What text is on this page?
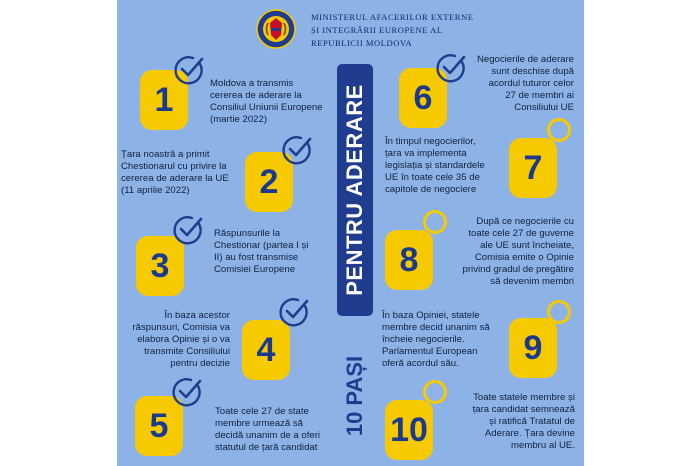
MINISTERUL AFACERILOR EXTERNE
ȘI INTEGRĂRII EUROPENE AL
REPUBLICII MOLDOVA
PENTRU ADERARE
10 PAȘI
1	Moldova a transmis
cererea de aderare la
Consiliul Uniunii Europene
(martie 2022)
2
Țara noastră a primit
Chestionarul cu privire la
cererea de aderare la UE
(11 aprilie 2022)
3
Răspunsurile la
Chestionar (partea I și
II) au fost transmise
Comisiei Europene
4
În baza acestor
răspunsuri, Comisia va
elabora Opinie și o va
transmite Consiliului
pentru decizie
5	Toate cele 27 de state
membre urmează să
decidă unanim de a oferi
statutul de țară candidat
6
Negocierile de aderare
sunt deschise după
acordul tuturor celor
27 de membri ai
Consiliului UE
7
În timpul negocierilor,
țara va implementa
legislația și standardele
UE în toate cele 35 de
capitole de negociere
8
După ce negocierile cu
toate cele 27 de guverne
ale UE sunt încheiate,
Comisia emite o Opinie
privind gradul de pregătire
să devenim membri
9
În baza Opiniei, statele
membre decid unanim să
încheie negocierile.
Parlamentul European
oferă acordul său.
10
Toate statele membre și
țara candidat semnează
și ratifică Tratatul de
Aderare. Țara devine
membru al UE.
